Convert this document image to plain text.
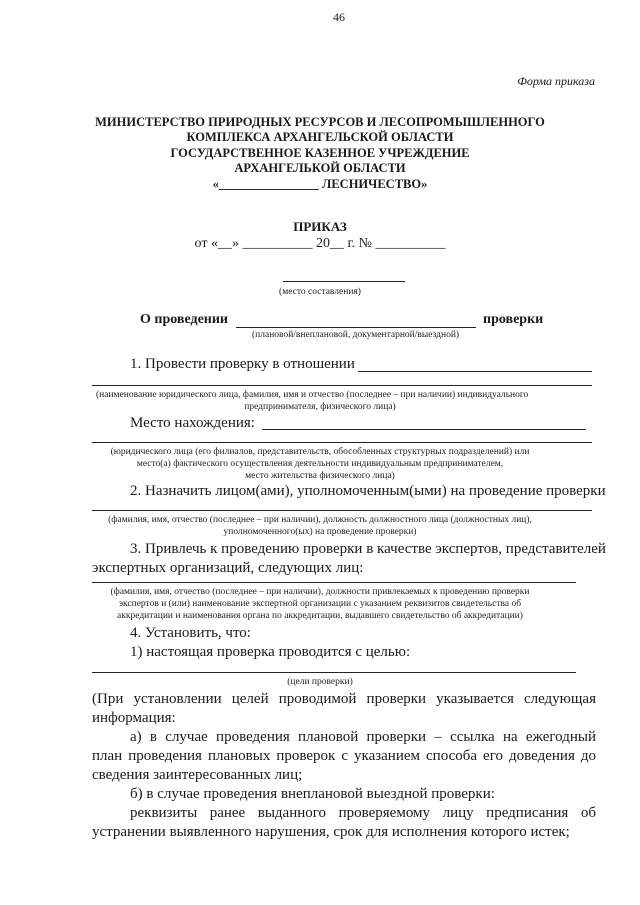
46
Форма приказа
МИНИСТЕРСТВО ПРИРОДНЫХ РЕСУРСОВ И ЛЕСОПРОМЫШЛЕННОГО
КОМПЛЕКСА АРХАНГЕЛЬСКОЙ ОБЛАСТИ
ГОСУДАРСТВЕННОЕ КАЗЕННОЕ УЧРЕЖДЕНИЕ
АРХАНГЕЛЬКОЙ ОБЛАСТИ
«________________ ЛЕСНИЧЕСТВО»
ПРИКАЗ
от «__» __________ 20__ г. № __________
(место составления)
О проведении	проверки
(плановой/внеплановой, документарной/выездной)
1. Провести проверку в отношении
(наименование юридического лица, фамилия, имя и отчество (последнее – при наличии) индивидуального
предпринимателя, физического лица)
Место нахождения:
(юридического лица (его филиалов, представительств, обособленных структурных подразделений) или
место(а) фактического осуществления деятельности индивидуальным предпринимателем,
место жительства физического лица)
2. Назначить лицом(ами), уполномоченным(ыми) на проведение проверки
(фамилия, имя, отчество (последнее – при наличии), должность должностного лица (должностных лиц),
уполномоченного(ых) на проведение проверки)
3. Привлечь к проведению проверки в качестве экспертов, представителей
экспертных организаций, следующих лиц:
(фамилия, имя, отчество (последнее – при наличии), должности привлекаемых к проведению проверки
экспертов и (или) наименование экспертной организации с указанием реквизитов свидетельства об
аккредитации и наименования органа по аккредитации, выдавшего свидетельство об аккредитации)
4. Установить, что:
1) настоящая проверка проводится с целью:
(цели проверки)
(При установлении целей проводимой проверки указывается следующая
информация:
а) в случае проведения плановой проверки – ссылка на ежегодный
план проведения плановых проверок с указанием способа его доведения до
сведения заинтересованных лиц;
б) в случае проведения внеплановой выездной проверки:
реквизиты ранее выданного проверяемому лицу предписания об
устранении выявленного нарушения, срок для исполнения которого истек;
